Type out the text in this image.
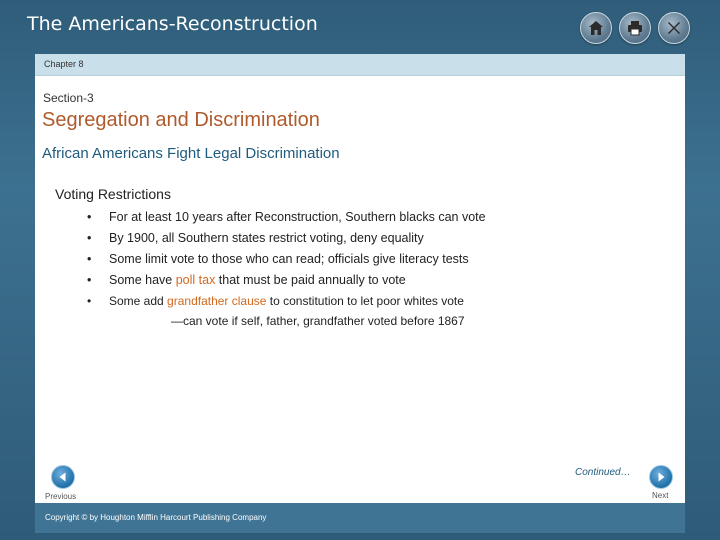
The Americans-Reconstruction
Chapter 8
Section-3
Segregation and Discrimination
African Americans Fight Legal Discrimination
Voting Restrictions
• For at least 10 years after Reconstruction, Southern blacks can vote
• By 1900, all Southern states restrict voting, deny equality
• Some limit vote to those who can read; officials give literacy tests
• Some have poll tax that must be paid annually to vote
• Some add grandfather clause to constitution to let poor whites vote
—can vote if self, father, grandfather voted before 1867
Continued…
Previous	Next
Copyright © by Houghton Mifflin Harcourt Publishing Company
